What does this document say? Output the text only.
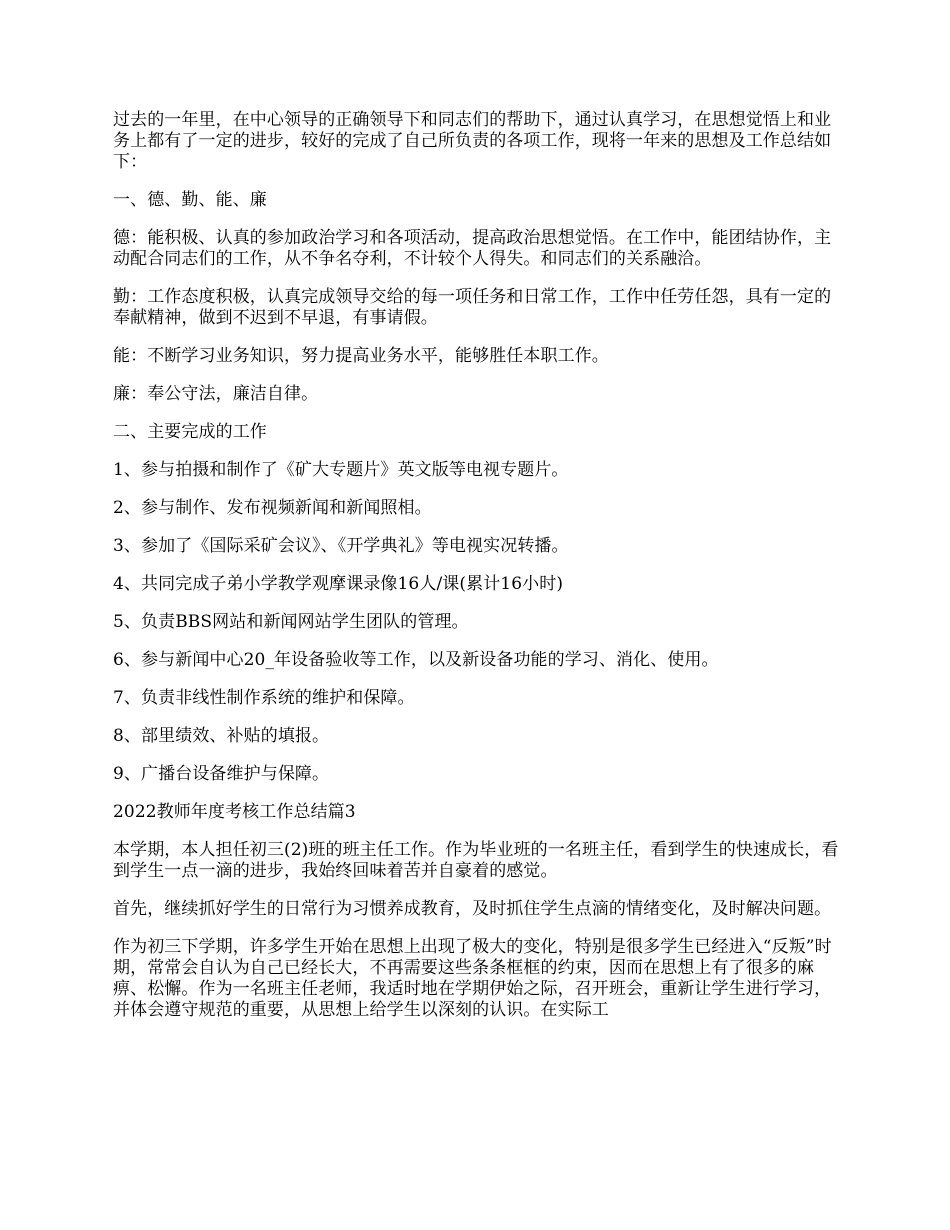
过去的一年里，在中心领导的正确领导下和同志们的帮助下，通过认真学习，在思想觉悟上和业务上都有了一定的进步，较好的完成了自己所负责的各项工作，现将一年来的思想及工作总结如下：

一、德、勤、能、廉

德：能积极、认真的参加政治学习和各项活动，提高政治思想觉悟。在工作中，能团结协作，主动配合同志们的工作，从不争名夺利，不计较个人得失。和同志们的关系融洽。

勤：工作态度积极，认真完成领导交给的每一项任务和日常工作，工作中任劳任怨，具有一定的奉献精神，做到不迟到不早退，有事请假。

能：不断学习业务知识，努力提高业务水平，能够胜任本职工作。

廉：奉公守法，廉洁自律。

二、主要完成的工作

1、参与拍摄和制作了《矿大专题片》英文版等电视专题片。

2、参与制作、发布视频新闻和新闻照相。

3、参加了《国际采矿会议》、《开学典礼》等电视实况转播。

4、共同完成子弟小学教学观摩课录像16人/课(累计16小时)

5、负责BBS网站和新闻网站学生团队的管理。

6、参与新闻中心20_年设备验收等工作，以及新设备功能的学习、消化、使用。

7、负责非线性制作系统的维护和保障。

8、部里绩效、补贴的填报。

9、广播台设备维护与保障。

2022教师年度考核工作总结篇3

本学期，本人担任初三(2)班的班主任工作。作为毕业班的一名班主任，看到学生的快速成长，看到学生一点一滴的进步，我始终回味着苦并自豪着的感觉。

首先，继续抓好学生的日常行为习惯养成教育，及时抓住学生点滴的情绪变化，及时解决问题。

作为初三下学期，许多学生开始在思想上出现了极大的变化，特别是很多学生已经进入“反叛”时期，常常会自认为自己已经长大，不再需要这些条条框框的约束，因而在思想上有了很多的麻痹、松懈。作为一名班主任老师，我适时地在学期伊始之际，召开班会，重新让学生进行学习，并体会遵守规范的重要，从思想上给学生以深刻的认识。在实际工
